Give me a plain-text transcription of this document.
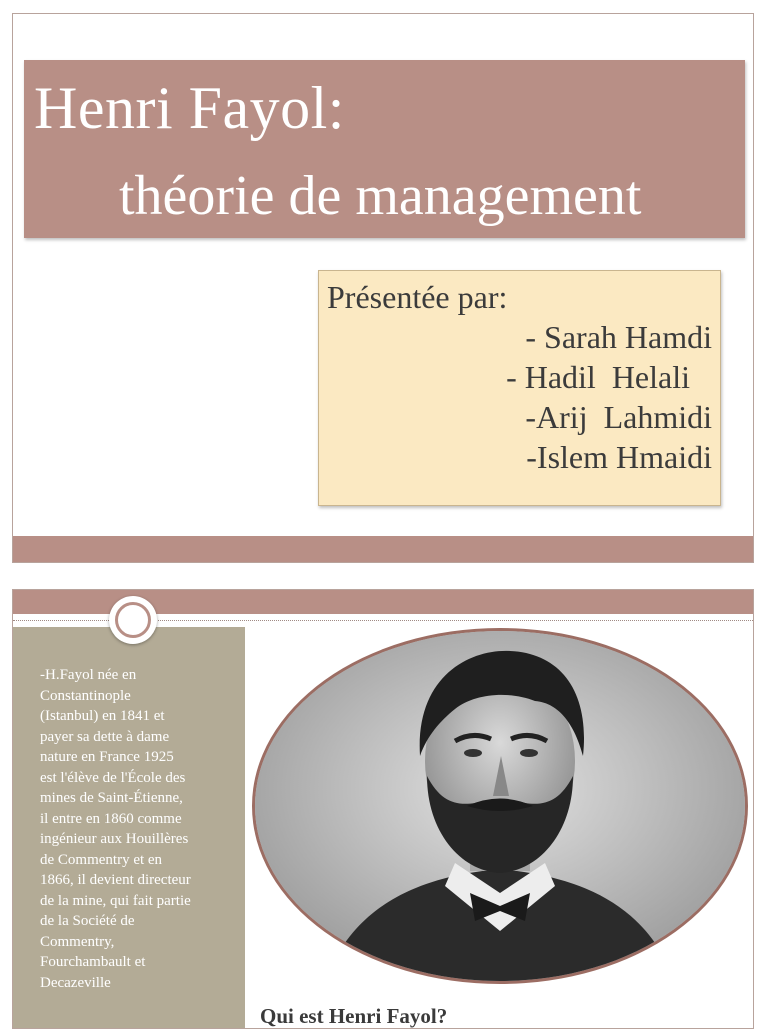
Henri Fayol:
théorie de management
Présentée par:
- Sarah Hamdi
- Hadil  Helali
-Arij  Lahmidi
-Islem Hmaidi
-H.Fayol née en
Constantinople
(Istanbul) en 1841 et
payer sa dette à dame
nature en France 1925
est l'élève de l'École des
mines de Saint-Étienne,
il entre en 1860 comme
ingénieur aux Houillères
de Commentry et en
1866, il devient directeur
de la mine, qui fait partie
de la Société de
Commentry,
Fourchambault et
Decazeville
Qui est Henri Fayol?
